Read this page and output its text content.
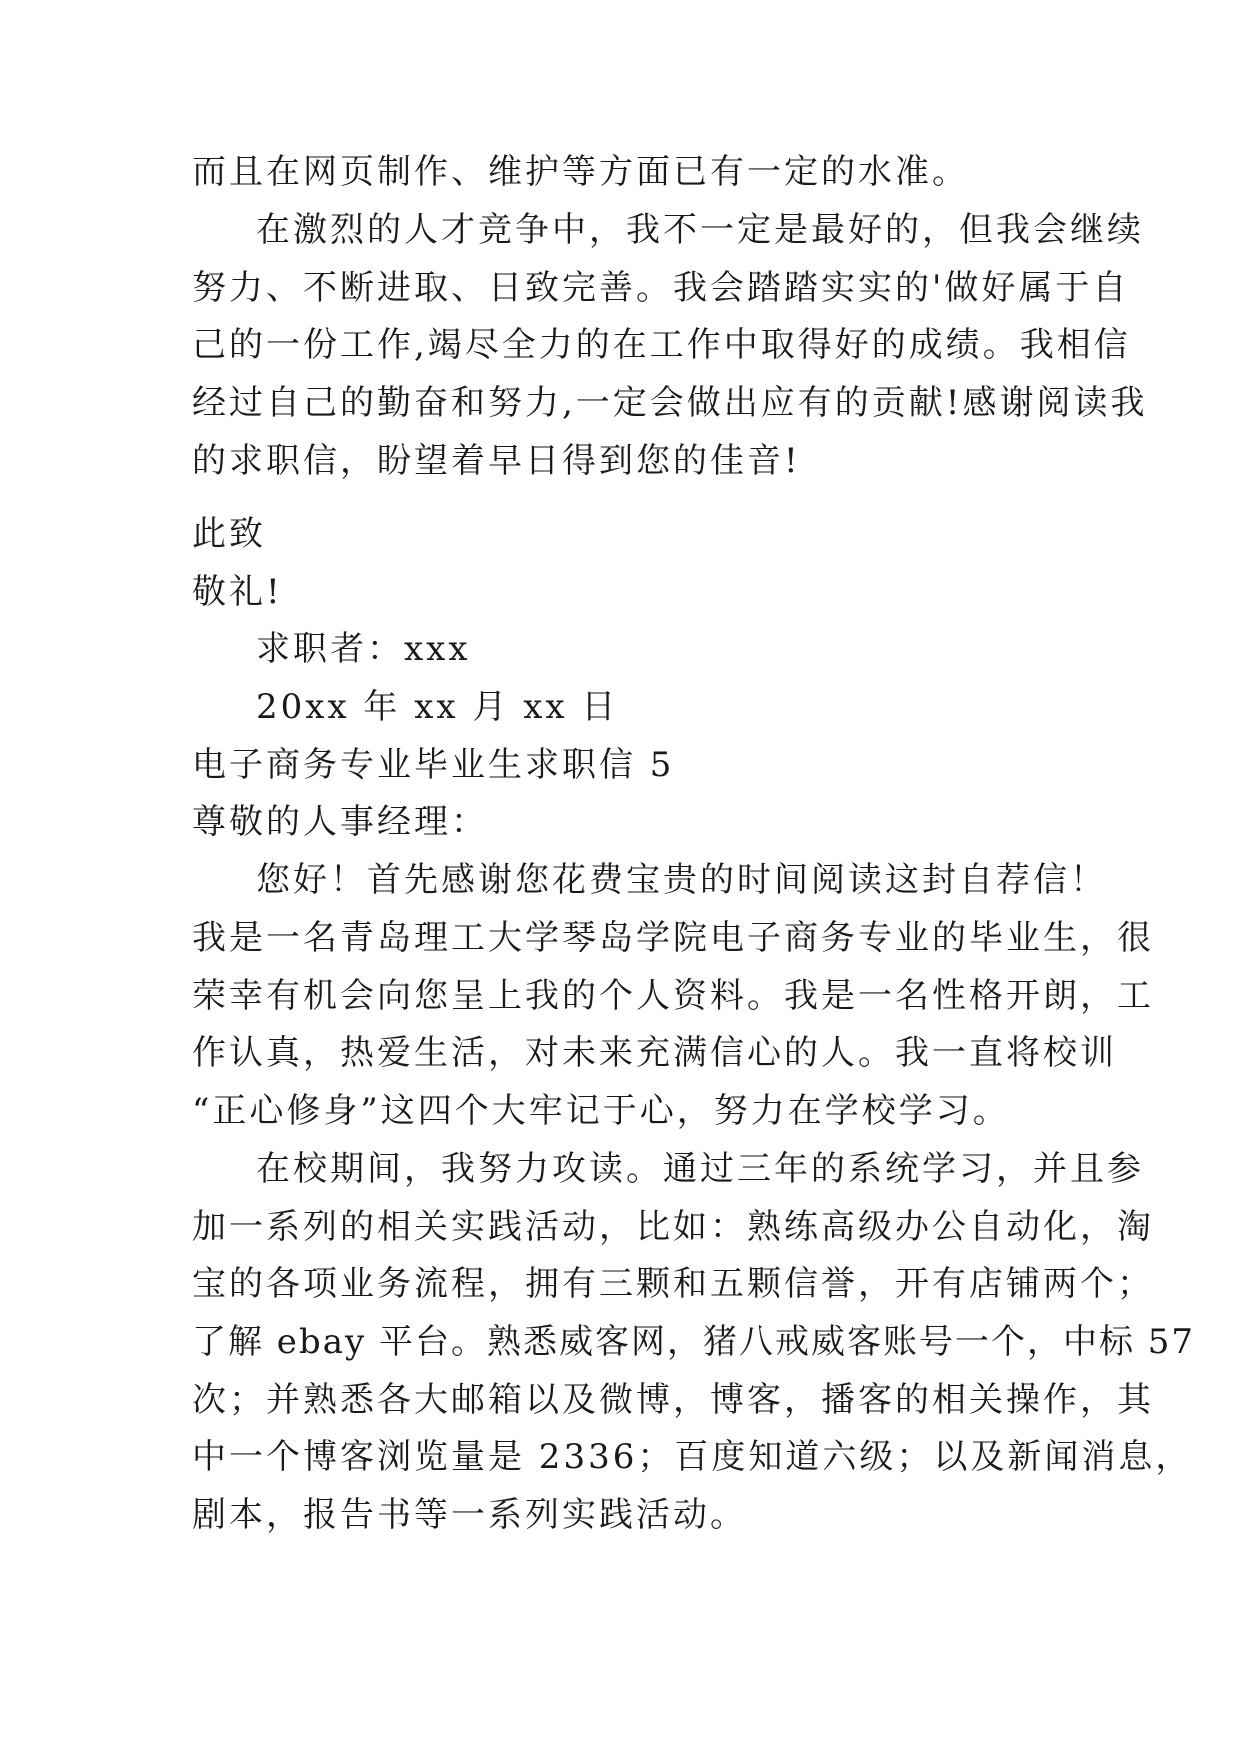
而且在网页制作、维护等方面已有一定的水准。
在激烈的人才竞争中，我不一定是最好的，但我会继续
努力、不断进取、日致完善。我会踏踏实实的'做好属于自
己的一份工作,竭尽全力的在工作中取得好的成绩。我相信
经过自己的勤奋和努力,一定会做出应有的贡献!感谢阅读我
的求职信，盼望着早日得到您的佳音!
此致
敬礼!
求职者：xxx
20xx 年 xx 月 xx 日
电子商务专业毕业生求职信 5
尊敬的人事经理：
您好！首先感谢您花费宝贵的时间阅读这封自荐信！
我是一名青岛理工大学琴岛学院电子商务专业的毕业生，很
荣幸有机会向您呈上我的个人资料。我是一名性格开朗，工
作认真，热爱生活，对未来充满信心的人。我一直将校训
“正心修身”这四个大牢记于心，努力在学校学习。
在校期间，我努力攻读。通过三年的系统学习，并且参
加一系列的相关实践活动，比如：熟练高级办公自动化，淘
宝的各项业务流程，拥有三颗和五颗信誉，开有店铺两个；
了解 ebay 平台。熟悉威客网，猪八戒威客账号一个，中标 57
次；并熟悉各大邮箱以及微博，博客，播客的相关操作，其
中一个博客浏览量是 2336；百度知道六级；以及新闻消息，
剧本，报告书等一系列实践活动。
